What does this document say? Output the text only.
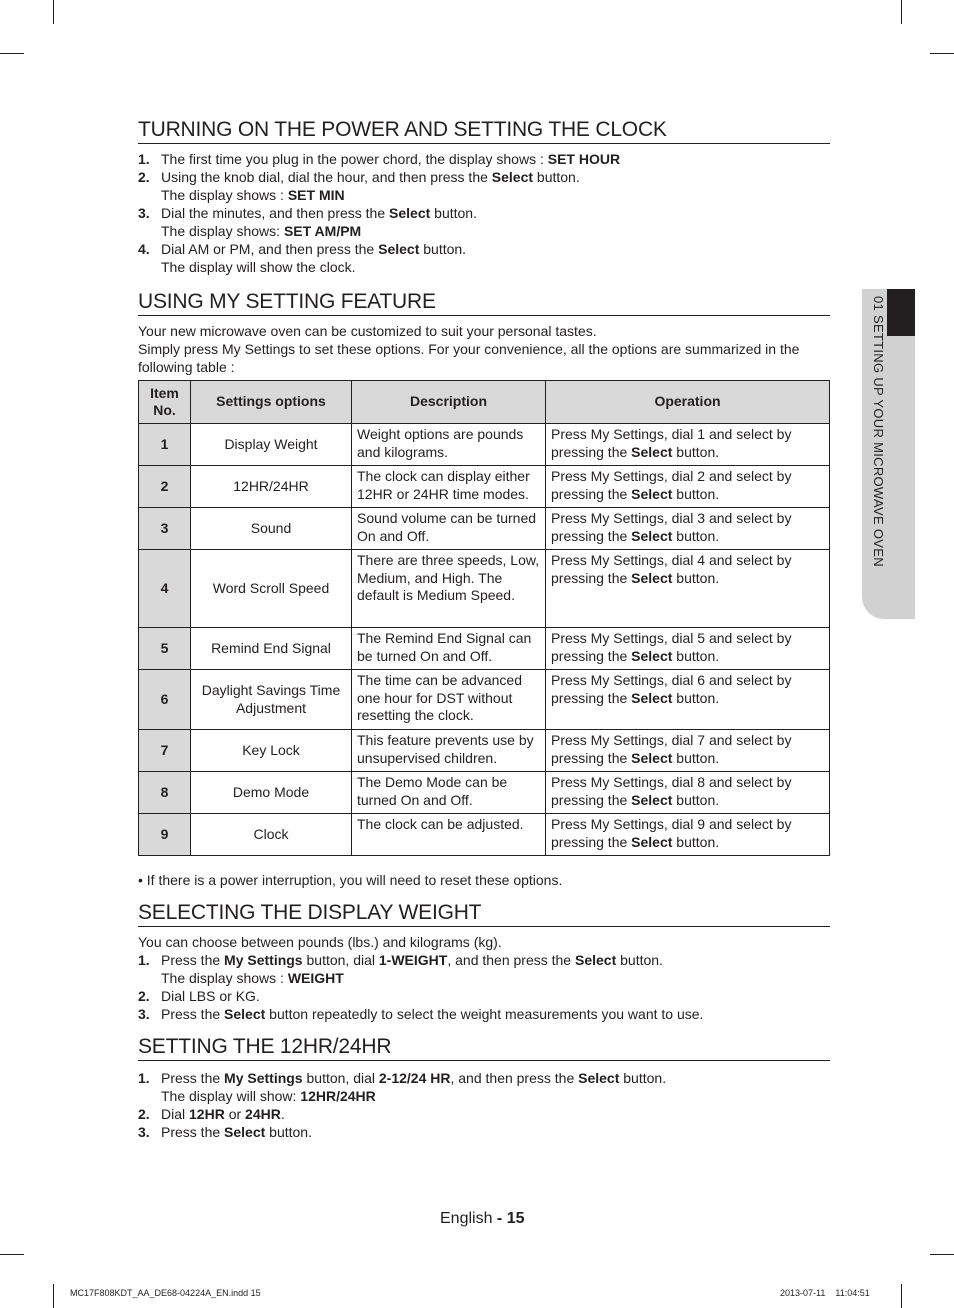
01 SETTING UP YOUR MICROWAVE OVEN
TURNING ON THE POWER AND SETTING THE CLOCK
1. The first time you plug in the power chord, the display shows : SET HOUR
2. Using the knob dial, dial the hour, and then press the Select button.
The display shows : SET MIN
3. Dial the minutes, and then press the Select button.
The display shows: SET AM/PM
4. Dial AM or PM, and then press the Select button.
The display will show the clock.
USING MY SETTING FEATURE

Your new microwave oven can be customized to suit your personal tastes.
Simply press My Settings to set these options. For your convenience, all the options are summarized in the following table :

Item No.	Settings options	Description	Operation
1	Display Weight	Weight options are pounds and kilograms.	Press My Settings, dial 1 and select by pressing the Select button.
2	12HR/24HR	The clock can display either 12HR or 24HR time modes.	Press My Settings, dial 2 and select by pressing the Select button.
3	Sound	Sound volume can be turned On and Off.	Press My Settings, dial 3 and select by pressing the Select button.
4	Word Scroll Speed	There are three speeds, Low, Medium, and High. The default is Medium Speed.	Press My Settings, dial 4 and select by pressing the Select button.
5	Remind End Signal	The Remind End Signal can be turned On and Off.	Press My Settings, dial 5 and select by pressing the Select button.
6	Daylight Savings Time Adjustment	The time can be advanced one hour for DST without resetting the clock.	Press My Settings, dial 6 and select by pressing the Select button.
7	Key Lock	This feature prevents use by unsupervised children.	Press My Settings, dial 7 and select by pressing the Select button.
8	Demo Mode	The Demo Mode can be turned On and Off.	Press My Settings, dial 8 and select by pressing the Select button.
9	Clock	The clock can be adjusted.	Press My Settings, dial 9 and select by pressing the Select button.

• If there is a power interruption, you will need to reset these options.

SELECTING THE DISPLAY WEIGHT

You can choose between pounds (lbs.) and kilograms (kg).

1. Press the My Settings button, dial 1-WEIGHT, and then press the Select button.
The display shows : WEIGHT
2. Dial LBS or KG.
3. Press the Select button repeatedly to select the weight measurements you want to use.
SETTING THE 12HR/24HR
1. Press the My Settings button, dial 2-12/24 HR, and then press the Select button.
The display will show: 12HR/24HR
2. Dial 12HR or 24HR.
3. Press the Select button.
English - 15
MC17F808KDT_AA_DE68-04224A_EN.indd 15	2013-07-11    11:04:51
